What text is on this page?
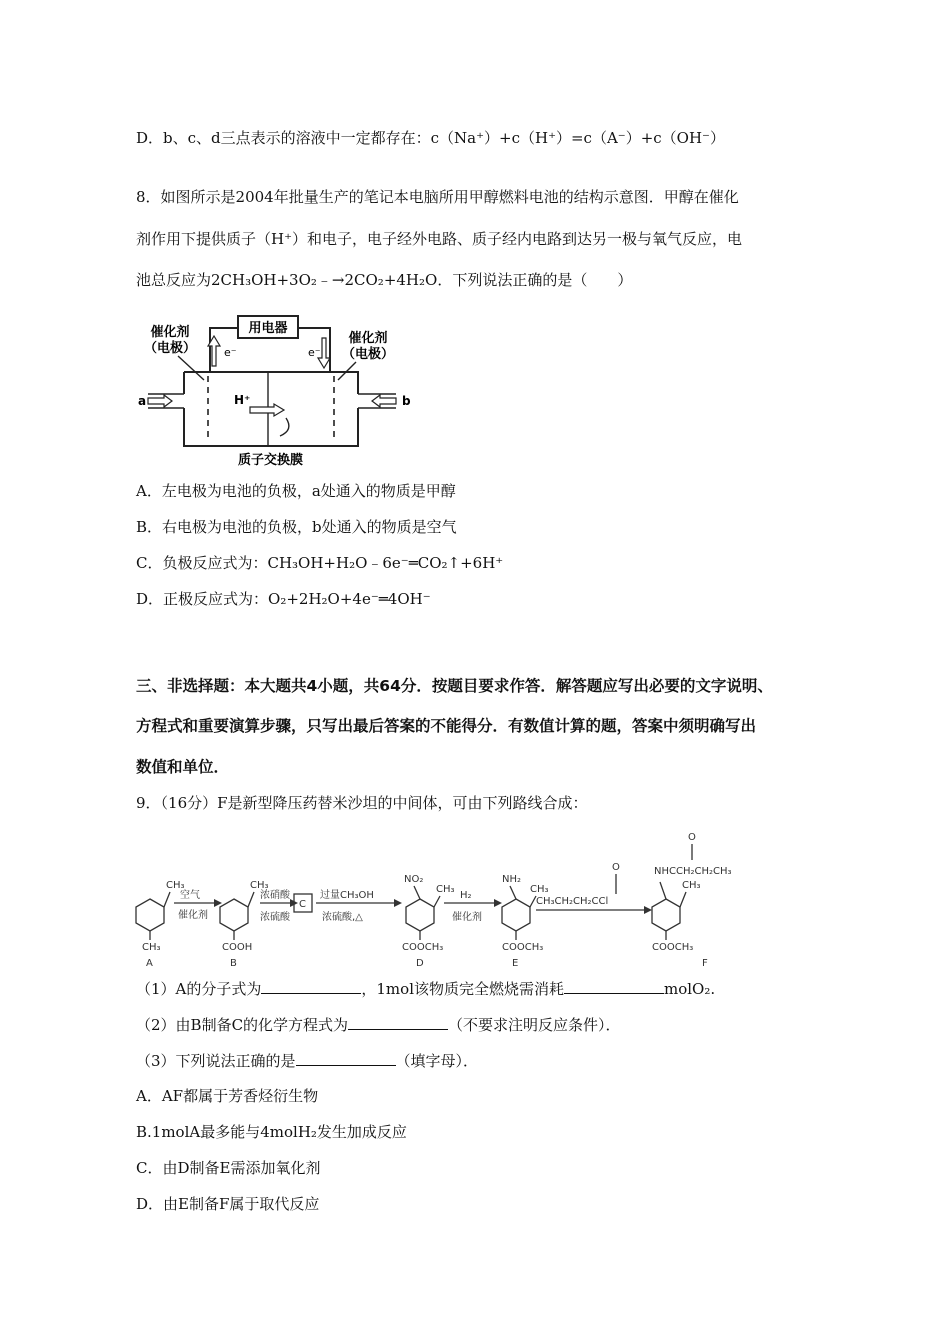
D．b、c、d三点表示的溶液中一定都存在：c（Na⁺）+c（H⁺）=c（A⁻）+c（OH⁻）
8．如图所示是2004年批量生产的笔记本电脑所用甲醇燃料电池的结构示意图．甲醇在催化
剂作用下提供质子（H⁺）和电子，电子经外电路、质子经内电路到达另一极与氧气反应，电
池总反应为2CH₃OH+3O₂﹣→2CO₂+4H₂O．下列说法正确的是（　　）
用电器
e⁻	e⁻
催化剂
（电极）
催化剂
（电极）
a	b
H⁺
质子交换膜
A．左电极为电池的负极，a处通入的物质是甲醇
B．右电极为电池的负极，b处通入的物质是空气
C．负极反应式为：CH₃OH+H₂O﹣6e⁻═CO₂↑+6H⁺
D．正极反应式为：O₂+2H₂O+4e⁻═4OH⁻
三、非选择题：本大题共4小题，共64分．按题目要求作答．解答题应写出必要的文字说明、
方程式和重要演算步骤，只写出最后答案的不能得分．有数值计算的题，答案中须明确写出
数值和单位．
9．（16分）F是新型降压药替米沙坦的中间体，可由下列路线合成：
CH₃
CH₃
空气
催化剂
A
CH₃
COOH
浓硝酸
浓硫酸
B
C
过量CH₃OH
浓硫酸,△
NO₂
CH₃
COOCH₃
H₂
催化剂
D
NH₂
CH₃
COOCH₃
O
CH₃CH₂CH₂CCl
E
O
NHCCH₂CH₂CH₃
CH₃
COOCH₃
F
（1）A的分子式为	，1mol该物质完全燃烧需消耗	molO₂.
（2）由B制备C的化学方程式为	（不要求注明反应条件）．
（3）下列说法正确的是	（填字母）．
A．AF都属于芳香烃衍生物
B.1molA最多能与4molH₂发生加成反应
C．由D制备E需添加氧化剂
D．由E制备F属于取代反应
